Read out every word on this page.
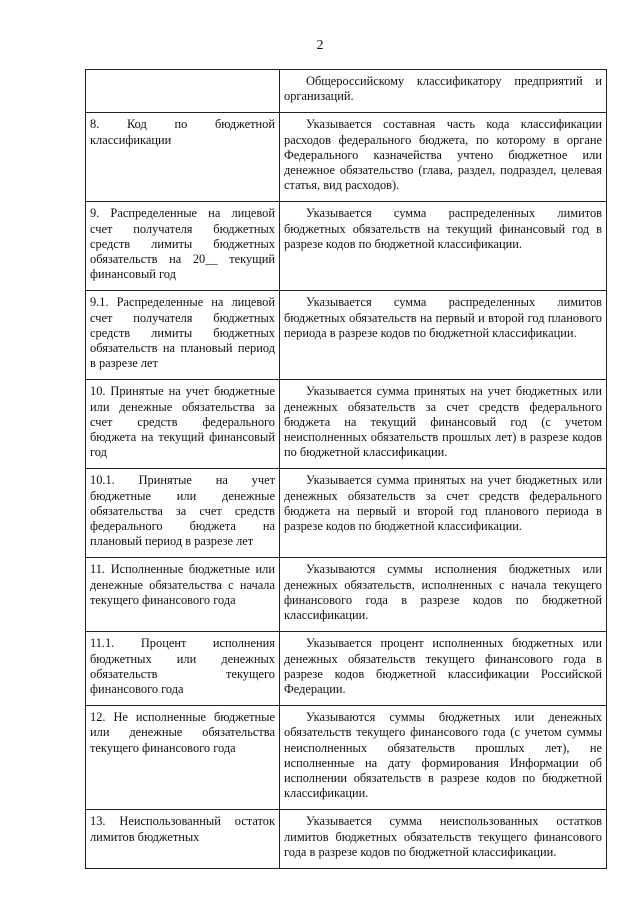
2
	Общероссийскому классификатору предприятий и организаций.
8. Код по бюджетной классификации	Указывается составная часть кода классификации расходов федерального бюджета, по которому в органе Федерального казначейства учтено бюджетное или денежное обязательство (глава, раздел, подраздел, целевая статья, вид расходов).
9. Распределенные на лицевой счет получателя бюджетных средств лимиты бюджетных обязательств на 20__ текущий финансовый год	Указывается сумма распределенных лимитов бюджетных обязательств на текущий финансовый год в разрезе кодов по бюджетной классификации.
9.1. Распределенные на лицевой счет получателя бюджетных средств лимиты бюджетных обязательств на плановый период в разрезе лет	Указывается сумма распределенных лимитов бюджетных обязательств на первый и второй год планового периода в разрезе кодов по бюджетной классификации.
10. Принятые на учет бюджетные или денежные обязательства за счет средств федерального бюджета на текущий финансовый год	Указывается сумма принятых на учет бюджетных или денежных обязательств за счет средств федерального бюджета на текущий финансовый год (с учетом неисполненных обязательств прошлых лет) в разрезе кодов по бюджетной классификации.
10.1. Принятые на учет бюджетные или денежные обязательства за счет средств федерального бюджета на плановый период в разрезе лет	Указывается сумма принятых на учет бюджетных или денежных обязательств за счет средств федерального бюджета на первый и второй год планового периода в разрезе кодов по бюджетной классификации.
11. Исполненные бюджетные или денежные обязательства с начала текущего финансового года	Указываются суммы исполнения бюджетных или денежных обязательств, исполненных с начала текущего финансового года в разрезе кодов по бюджетной классификации.
11.1. Процент исполнения бюджетных или денежных обязательств текущего финансового года	Указывается процент исполненных бюджетных или денежных обязательств текущего финансового года в разрезе кодов бюджетной классификации Российской Федерации.
12. Не исполненные бюджетные или денежные обязательства текущего финансового года	Указываются суммы бюджетных или денежных обязательств текущего финансового года (с учетом суммы неисполненных обязательств прошлых лет), не исполненные на дату формирования Информации об исполнении обязательств в разрезе кодов по бюджетной классификации.
13. Неиспользованный остаток лимитов бюджетных	Указывается сумма неиспользованных остатков лимитов бюджетных обязательств текущего финансового года в разрезе кодов по бюджетной классификации.
